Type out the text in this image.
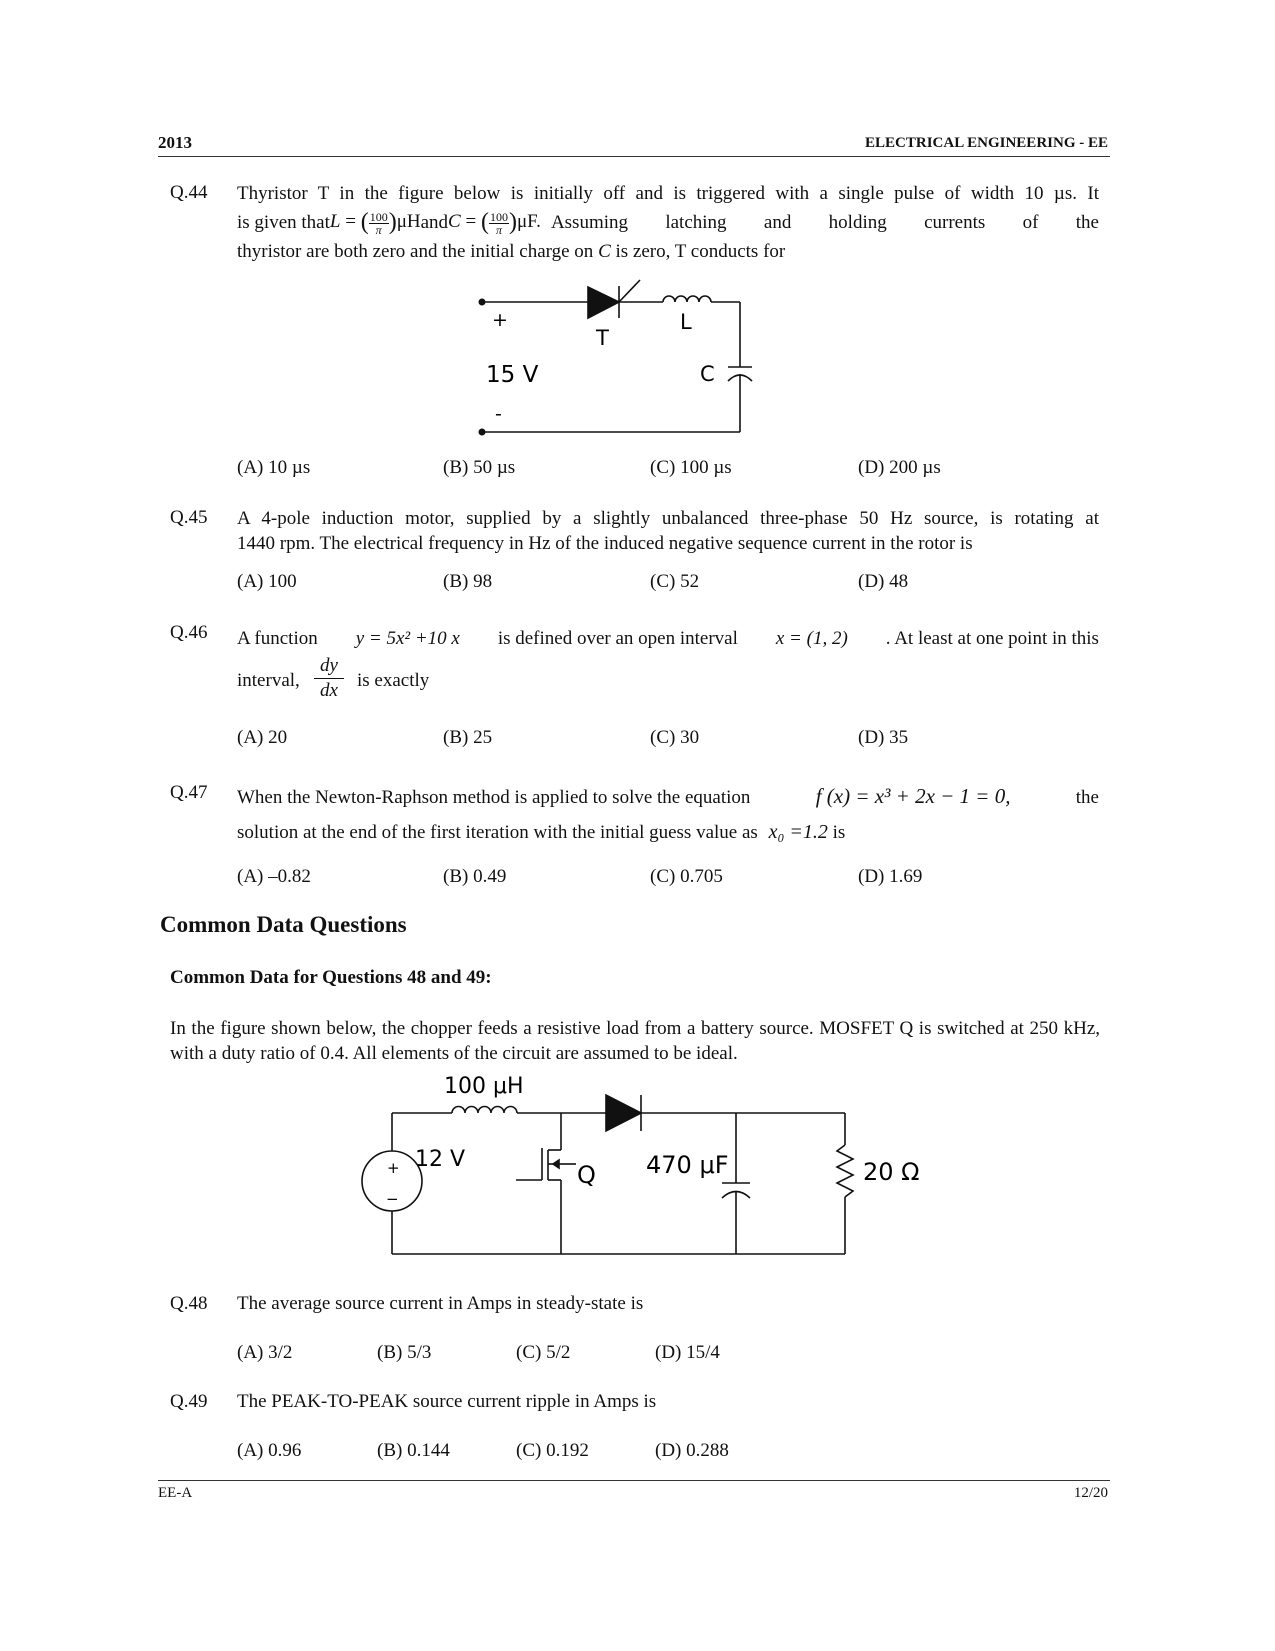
2013	ELECTRICAL ENGINEERING - EE
Q.44 Thyristor T in the figure below is initially off and is triggered with a single pulse of width 10 µs. It
is given that L = ( $\frac{100}{\pi} )\mu H$ and C = ( $\frac{100}{\pi} )\mu F$. Assuming latching and holding currents of the
thyristor are both zero and the initial charge on C is zero, T conducts for
+
-
15 V
T
L
C
(A) 10 µs	(B) 50 µs	(C) 100 µs	(D) 200 µs
Q.45 A 4-pole induction motor, supplied by a slightly unbalanced three-phase 50 Hz source, is rotating at
1440 rpm. The electrical frequency in Hz of the induced negative sequence current in the rotor is
(A) 100	(B) 98	(C) 52	(D) 48
Q.46 A function y = 5x² +10 x is defined over an open interval x = (1, 2) . At least at one point in this
interval,
dy
dx	is exactly
(A) 20	(B) 25	(C) 30	(D) 35
Q.47 When the Newton-Raphson method is applied to solve the equation	f (x) = x³ + 2x − 1 = 0,	the
solution at the end of the first iteration with the initial guess value as x₀ =1.2 is
(A) –0.82	(B) 0.49	(C) 0.705	(D) 1.69
Common Data Questions
Common Data for Questions 48 and 49:
In the figure shown below, the chopper feeds a resistive load from a battery source. MOSFET Q is switched at 250 kHz, with a duty ratio of 0.4. All elements of the circuit are assumed to be ideal.
+
−
100 μH
12 V
Q 470 μF	20 Ω
Q.48 The average source current in Amps in steady-state is
(A) 3/2	(B) 5/3	(C) 5/2	(D) 15/4
Q.49 The PEAK-TO-PEAK source current ripple in Amps is
(A) 0.96	(B) 0.144	(C) 0.192	(D) 0.288
EE-A	12/20
